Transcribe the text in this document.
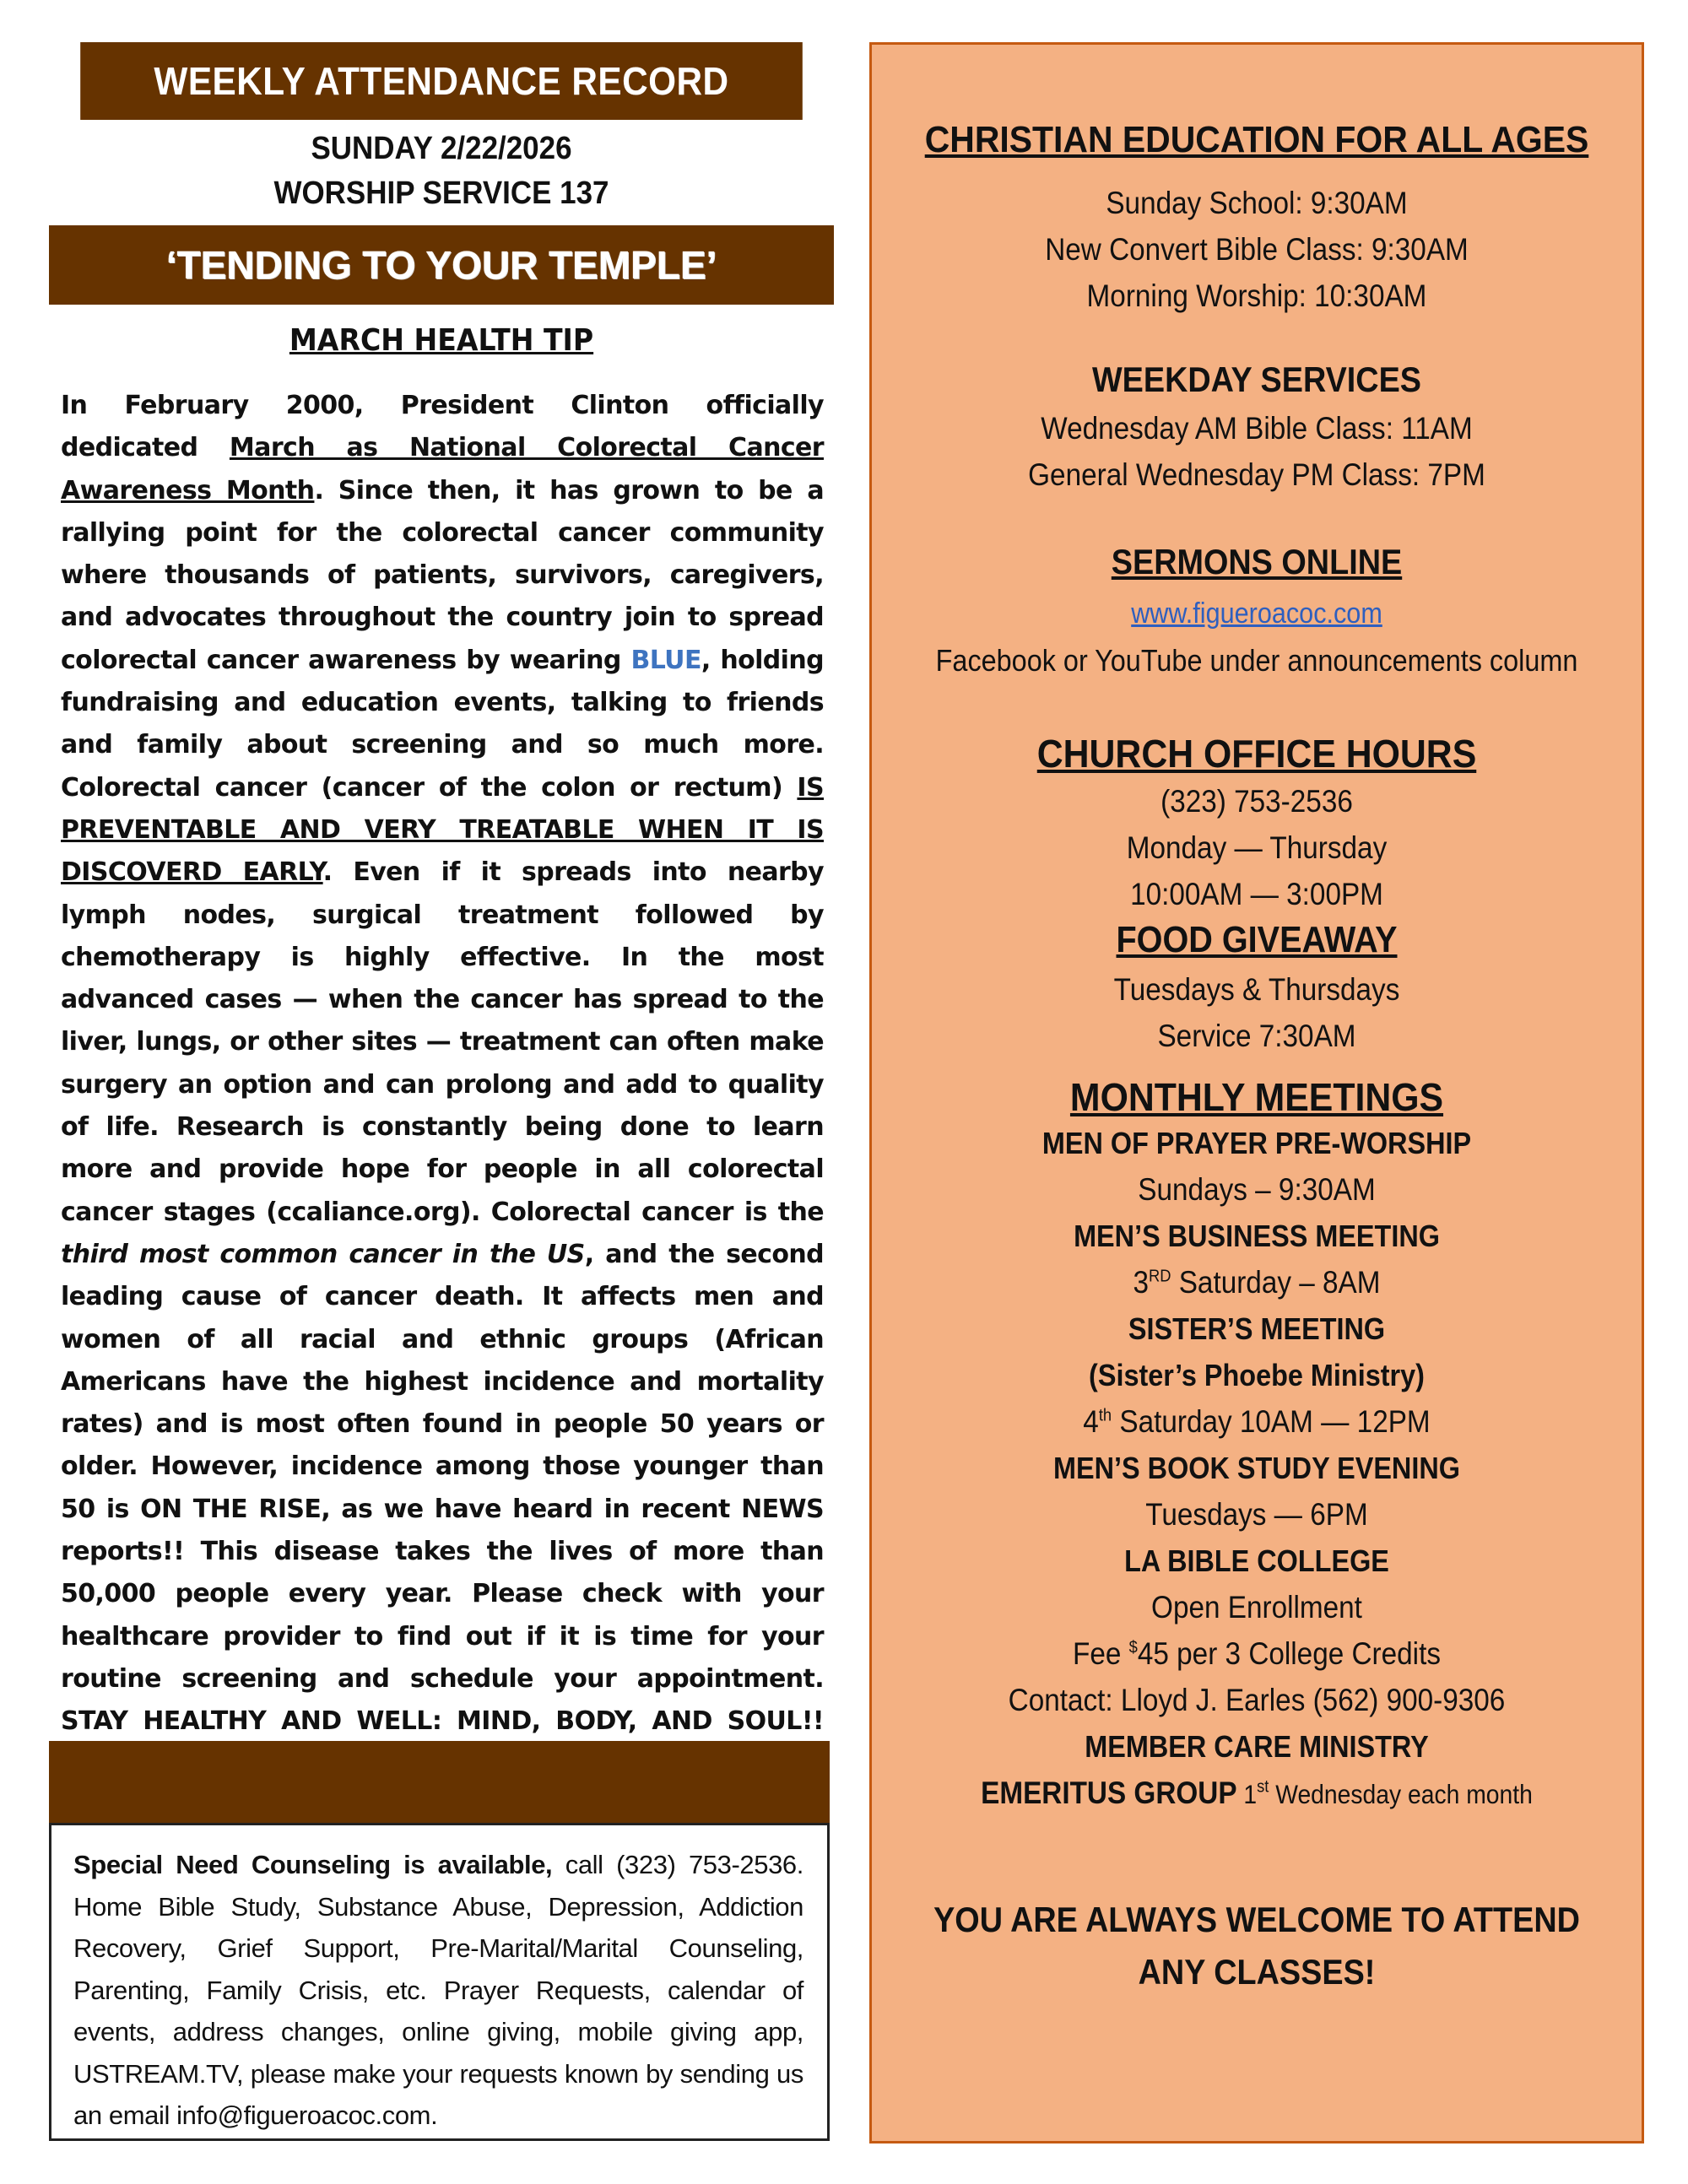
WEEKLY ATTENDANCE RECORD
SUNDAY 2/22/2026
WORSHIP SERVICE 137
‘TENDING TO YOUR TEMPLE’
MARCH HEALTH TIP
In February 2000, President Clinton officially dedicated March as National Colorectal Cancer Awareness Month. Since then, it has grown to be a rallying point for the colorectal cancer community where thousands of patients, survivors, caregivers, and advocates throughout the country join to spread colorectal cancer awareness by wearing BLUE, holding fundraising and education events, talking to friends and family about screening and so much more. Colorectal cancer (cancer of the colon or rectum) IS PREVENTABLE AND VERY TREATABLE WHEN IT IS DISCOVERD EARLY. Even if it spreads into nearby lymph nodes, surgical treatment followed by chemotherapy is highly effective. In the most advanced cases — when the cancer has spread to the liver, lungs, or other sites — treatment can often make surgery an option and can prolong and add to quality of life. Research is constantly being done to learn more and provide hope for people in all colorectal cancer stages (ccaliance.org). Colorectal cancer is the third most common cancer in the US, and the second leading cause of cancer death. It affects men and women of all racial and ethnic groups (African Americans have the highest incidence and mortality rates) and is most often found in people 50 years or older. However, incidence among those younger than 50 is ON THE RISE, as we have heard in recent NEWS reports!! This disease takes the lives of more than 50,000 people every year. Please check with your healthcare provider to find out if it is time for your routine screening and schedule your appointment. STAY HEALTHY AND WELL: MIND, BODY, AND SOUL!!
Special Need Counseling is available, call (323) 753-2536. Home Bible Study, Substance Abuse, Depression, Addiction Recovery, Grief Support, Pre-Marital/Marital Counseling, Parenting, Family Crisis, etc. Prayer Requests, calendar of events, address changes, online giving, mobile giving app, USTREAM.TV, please make your requests known by sending us an email info@figueroacoc.com.
CHRISTIAN EDUCATION FOR ALL AGES
Sunday School: 9:30AM
New Convert Bible Class: 9:30AM
Morning Worship: 10:30AM
WEEKDAY SERVICES
Wednesday AM Bible Class: 11AM
General Wednesday PM Class: 7PM
SERMONS ONLINE
www.figueroacoc.com
Facebook or YouTube under announcements column
CHURCH OFFICE HOURS
(323) 753-2536
Monday — Thursday
10:00AM — 3:00PM
FOOD GIVEAWAY
Tuesdays & Thursdays
Service 7:30AM
MONTHLY MEETINGS
MEN OF PRAYER PRE-WORSHIP
Sundays – 9:30AM
MEN’S BUSINESS MEETING
3RD Saturday – 8AM
SISTER’S MEETING
(Sister’s Phoebe Ministry)
4th Saturday 10AM — 12PM
MEN’S BOOK STUDY EVENING
Tuesdays — 6PM
LA BIBLE COLLEGE
Open Enrollment
Fee $45 per 3 College Credits
Contact: Lloyd J. Earles (562) 900-9306
MEMBER CARE MINISTRY
EMERITUS GROUP 1st Wednesday each month
YOU ARE ALWAYS WELCOME TO ATTEND
ANY CLASSES!
